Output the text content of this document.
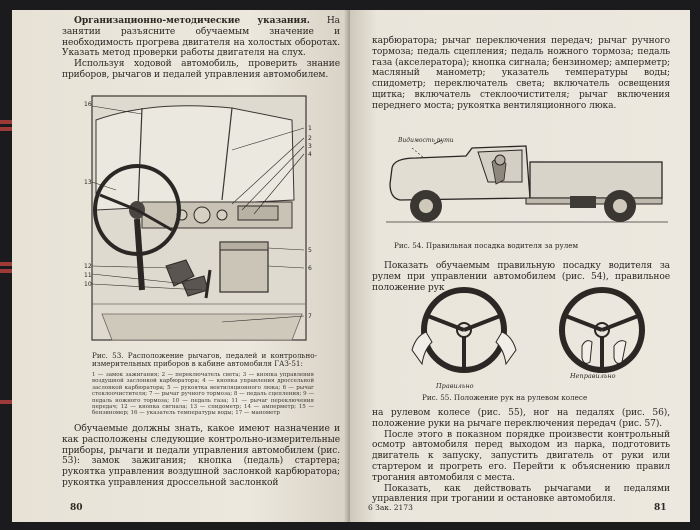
Организационно-методические указания. На занятии разъясните обучаемым значение и необходимость прогрева двигателя на холостых оборотах. Указать метод проверки работы двигателя на слух.

Используя ходовой автомобиль, проверить знание приборов, рычагов и педалей управления автомобилем.

16
13
12
11
10
1
2
3
4
5
6
7
Рис. 53. Расположение рычагов, педалей и контрольно-измерительных приборов в кабине автомобиля ГАЗ-51:
1 — замок зажигания; 2 — переключатель света; 3 — кнопка управления воздушной заслонкой карбюратора; 4 — кнопка управления дроссельной заслонкой карбюратора; 5 — рукоятка вентиляционного люка; 6 — рычаг стеклоочистителя; 7 — рычаг ручного тормоза; 8 — педаль сцепления; 9 — педаль ножного тормоза; 10 — педаль газа; 11 — рычаг переключения передач; 12 — кнопка сигнала; 13 — спидометр; 14 — амперметр; 15 — бензиномер; 16 — указатель температуры воды; 17 — манометр

Обучаемые должны знать, какое имеют назначение и как расположены следующие контрольно-измерительные приборы, рычаги и педали управления автомобилем (рис. 53): замок зажигания; кнопка (педаль) стартера; рукоятка управления воздушной заслонкой карбюратора; рукоятка управления дроссельной заслонкой

80

карбюратора; рычаг переключения передач; рычаг ручного тормоза; педаль сцепления; педаль ножного тормоза; педаль газа (акселератора); кнопка сигнала; бензиномер; амперметр; масляный манометр; указатель температуры воды; спидометр; переключатель света; включатель освещения щитка; включатель стеклоочистителя; рычаг включения переднего моста; рукоятка вентиляционного люка.

Видимость пути
Рис. 54. Правильная посадка водителя за рулем

Показать обучаемым правильную посадку водителя за рулем при управлении автомобилем (рис. 54), правильное положение рук

Правильно
Неправильно
Рис. 55. Положение рук на рулевом колесе

на рулевом колесе (рис. 55), ног на педалях (рис. 56), положение руки на рычаге переключения передач (рис. 57).

После этого в показном порядке произвести контрольный осмотр автомобиля перед выходом из парка, подготовить двигатель к запуску, запустить двигатель от руки или стартером и прогреть его. Перейти к объяснению правил трогания автомобиля с места.

Показать, как действовать рычагами и педалями управления при трогании и остановке автомобиля.

6 Зак. 2173	81
